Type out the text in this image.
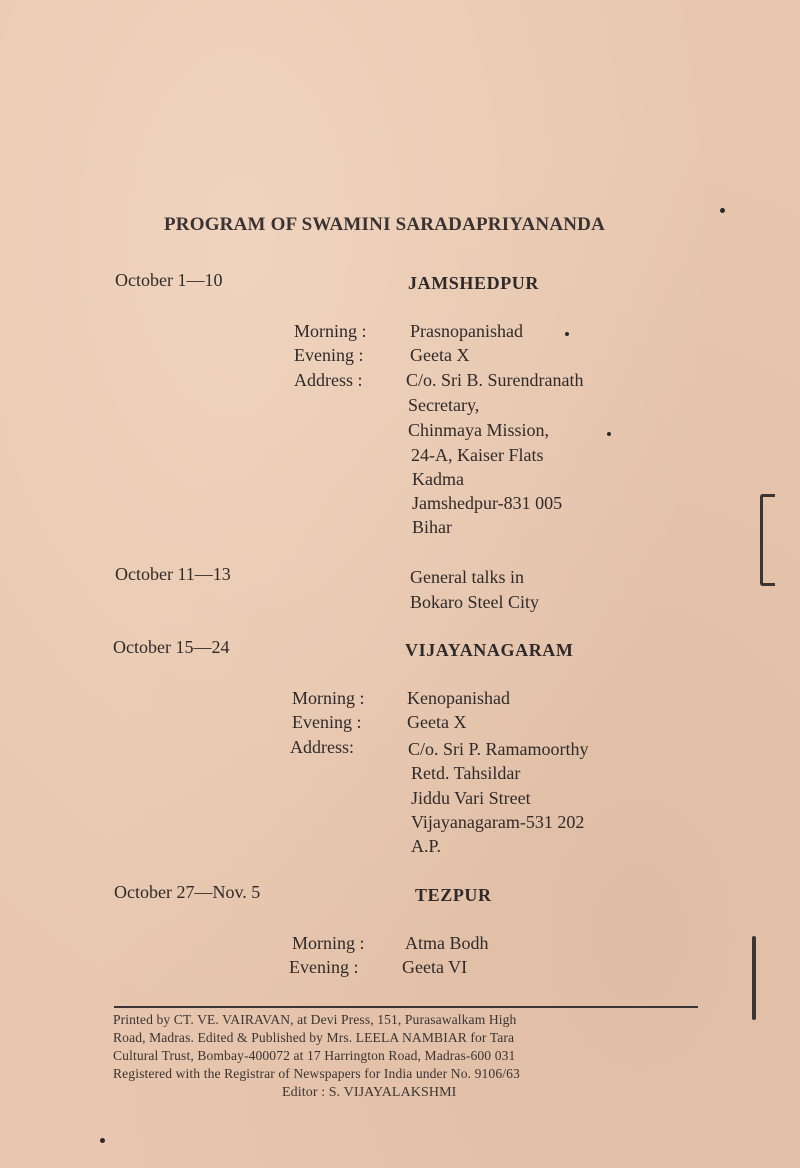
PROGRAM OF SWAMINI SARADAPRIYANANDA
October 1—10	JAMSHEDPUR
Morning : Prasnopanishad
Evening :	Geeta X
Address : C/o. Sri B. Surendranath
Secretary,
Chinmaya Mission,
24-A, Kaiser Flats
Kadma
Jamshedpur-831 005
Bihar
October 11—13	General talks in
Bokaro Steel City
October 15—24	VIJAYANAGARAM
Morning : Kenopanishad
Evening :	Geeta X
Address:	C/o. Sri P. Ramamoorthy
Retd. Tahsildar
Jiddu Vari Street
Vijayanagaram-531 202
A.P.
October 27—Nov. 5	TEZPUR
Morning : Atma Bodh
Evening : Geeta VI
Printed by CT. VE. VAIRAVAN, at Devi Press, 151, Purasawalkam High
Road, Madras. Edited & Published by Mrs. LEELA NAMBIAR for Tara
Cultural Trust, Bombay-400072 at 17 Harrington Road, Madras-600 031
Registered with the Registrar of Newspapers for India under No. 9106/63
Editor : S. VIJAYALAKSHMI
